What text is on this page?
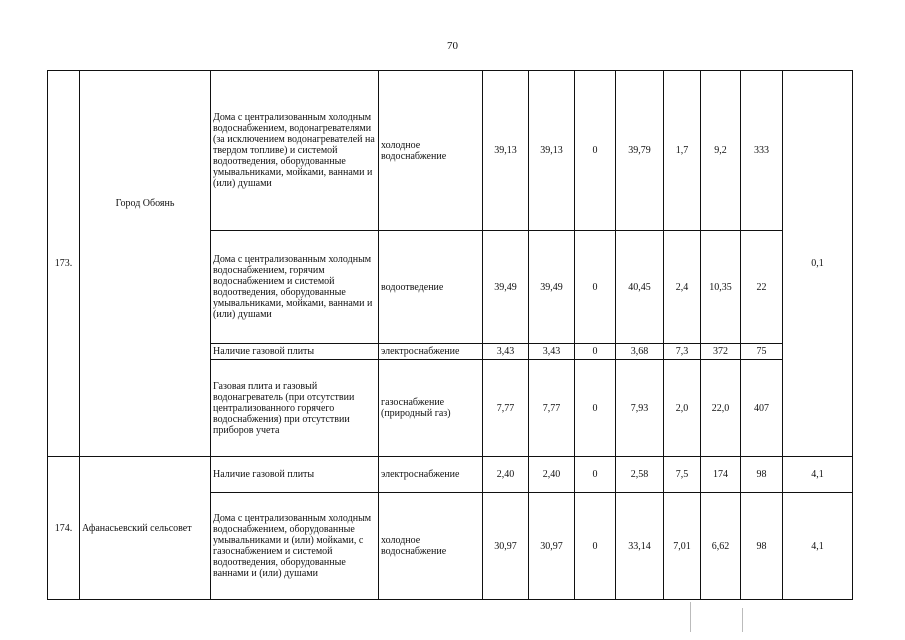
70
173.	Город Обоянь	Дома с централизованным холодным водоснабжением, водонагревателями (за исключением водонагревателей на твердом топливе) и системой водоотведения, оборудованные умывальниками, мойками, ваннами и (или) душами	холодное водоснабжение	39,13	39,13	0	39,79	1,7	9,2	333	0,1
		Дома с централизованным холодным водоснабжением, горячим водоснабжением и системой водоотведения, оборудованные умывальниками, мойками, ваннами и (или) душами	водоотведение	39,49	39,49	0	40,45	2,4	10,35	22	
		Наличие газовой плиты	электроснабжение	3,43	3,43	0	3,68	7,3	372	75	
		Газовая плита и газовый водонагреватель (при отсутствии централизованного горячего водоснабжения) при отсутствии приборов учета	газоснабжение (природный газ)	7,77	7,77	0	7,93	2,0	22,0	407	
174.	Афанасьевский сельсовет	Наличие газовой плиты	электроснабжение	2,40	2,40	0	2,58	7,5	174	98	4,1
		Дома с централизованным холодным водоснабжением, оборудованные умывальниками и (или) мойками, с газоснабжением и системой водоотведения, оборудованные ваннами и (или) душами	холодное водоснабжение	30,97	30,97	0	33,14	7,01	6,62	98	4,1
